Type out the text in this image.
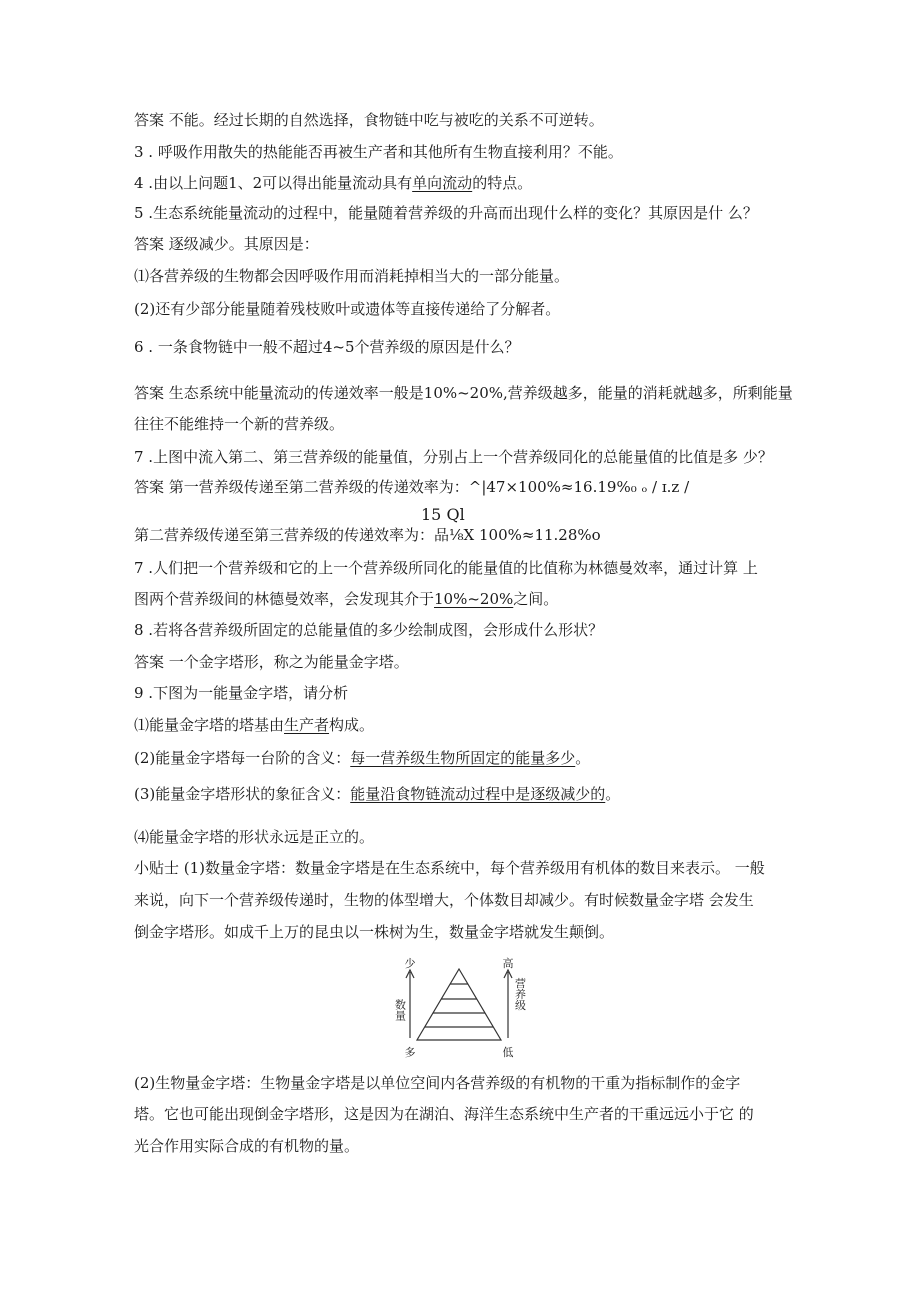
答案 不能。经过长期的自然选择，食物链中吃与被吃的关系不可逆转。
3 . 呼吸作用散失的热能能否再被生产者和其他所有生物直接利用？不能。
4 .由以上问题1、2可以得出能量流动具有单向流动的特点。
5 .生态系统能量流动的过程中，能量随着营养级的升高而出现什么样的变化？其原因是什 么？
答案 逐级减少。其原因是：
⑴各营养级的生物都会因呼吸作用而消耗掉相当大的一部分能量。
(2)还有少部分能量随着残枝败叶或遗体等直接传递给了分解者。
6 . 一条食物链中一般不超过4~5个营养级的原因是什么？
答案 生态系统中能量流动的传递效率一般是10%~20%,营养级越多，能量的消耗就越多，所剩能量
往往不能维持一个新的营养级。
7 .上图中流入第二、第三营养级的能量值，分别占上一个营养级同化的总能量值的比值是多 少？
答案 第一营养级传递至第二营养级的传递效率为：^|47×100%≈16.19%₀ ₒ / ɪ.ᴢ /
15 Ql
第二营养级传递至第三营养级的传递效率为：品⅛X 100%≈11.28%o
7 .人们把一个营养级和它的上一个营养级所同化的能量值的比值称为林德曼效率，通过计算 上
图两个营养级间的林德曼效率，会发现其介于10%~20%之间。
8 .若将各营养级所固定的总能量值的多少绘制成图，会形成什么形状？
答案 一个金字塔形，称之为能量金字塔。
9 .下图为一能量金字塔，请分析
⑴能量金字塔的塔基由生产者构成。
(2)能量金字塔每一台阶的含义：每一营养级生物所固定的能量多少。
(3)能量金字塔形状的象征含义：能量沿食物链流动过程中是逐级减少的。
⑷能量金字塔的形状永远是正立的。
小贴士 (1)数量金字塔：数量金字塔是在生态系统中，每个营养级用有机体的数目来表示。 一般
来说，向下一个营养级传递时，生物的体型增大，个体数目却减少。有时候数量金字塔 会发生
倒金字塔形。如成千上万的昆虫以一株树为生，数量金字塔就发生颠倒。
少
数量
多
高
营养级
低
(2)生物量金字塔：生物量金字塔是以单位空间内各营养级的有机物的干重为指标制作的金字
塔。它也可能出现倒金字塔形，这是因为在湖泊、海洋生态系统中生产者的干重远远小于它 的
光合作用实际合成的有机物的量。
